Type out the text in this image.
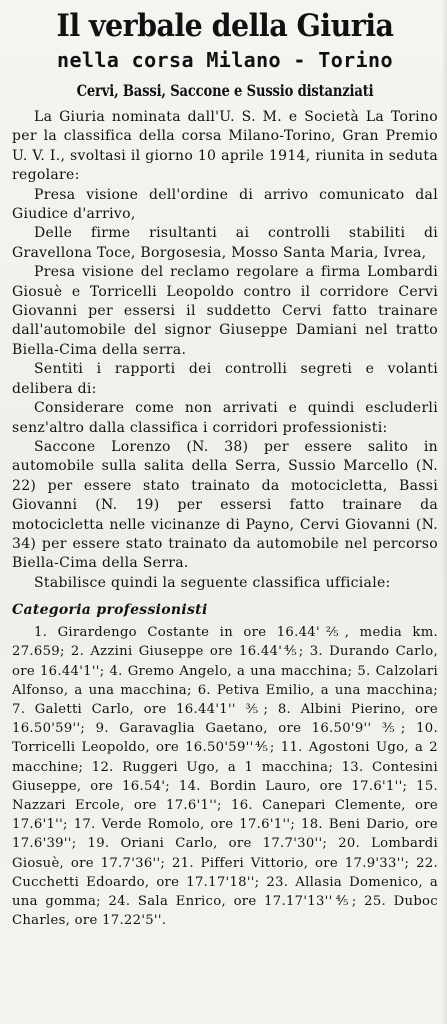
Il verbale della Giuria
nella corsa Milano - Torino
Cervi, Bassi, Saccone e Sussio distanziati

La Giuria nominata dall'U. S. M. e Società La Torino per la classifica della corsa Milano-Torino, Gran Premio U. V. I., svoltasi il giorno 10 aprile 1914, riunita in seduta regolare:

Presa visione dell'ordine di arrivo comunicato dal Giudice d'arrivo,

Delle firme risultanti ai controlli stabiliti di Gravellona Toce, Borgosesia, Mosso Santa Maria, Ivrea,

Presa visione del reclamo regolare a firma Lombardi Giosuè e Torricelli Leopoldo contro il corridore Cervi Giovanni per essersi il suddetto Cervi fatto trainare dall'automobile del signor Giuseppe Damiani nel tratto Biella-Cima della serra.

Sentiti i rapporti dei controlli segreti e volanti delibera di:

Considerare come non arrivati e quindi escluderli senz'altro dalla classifica i corridori professionisti:

Saccone Lorenzo (N. 38) per essere salito in automobile sulla salita della Serra, Sussio Marcello (N. 22) per essere stato trainato da motocicletta, Bassi Giovanni (N. 19) per essersi fatto trainare da motocicletta nelle vicinanze di Payno, Cervi Giovanni (N. 34) per essere stato trainato da automobile nel percorso Biella-Cima della Serra.

Stabilisce quindi la seguente classifica ufficiale:

Categoria professionisti

1. Girardengo Costante in ore 16.44'⅖, media km. 27.659; 2. Azzini Giuseppe ore 16.44'⅘; 3. Durando Carlo, ore 16.44'1''; 4. Gremo Angelo, a una macchina; 5. Calzolari Alfonso, a una macchina; 6. Petiva Emilio, a una macchina; 7. Galetti Carlo, ore 16.44'1'' ⅗; 8. Albini Pierino, ore 16.50'59''; 9. Garavaglia Gaetano, ore 16.50'9'' ⅗; 10. Torricelli Leopoldo, ore 16.50'59''⅘; 11. Agostoni Ugo, a 2 macchine; 12. Ruggeri Ugo, a 1 macchina; 13. Contesini Giuseppe, ore 16.54'; 14. Bordin Lauro, ore 17.6'1''; 15. Nazzari Ercole, ore 17.6'1''; 16. Canepari Clemente, ore 17.6'1''; 17. Verde Romolo, ore 17.6'1''; 18. Beni Dario, ore 17.6'39''; 19. Oriani Carlo, ore 17.7'30''; 20. Lombardi Giosuè, ore 17.7'36''; 21. Pifferi Vittorio, ore 17.9'33''; 22. Cucchetti Edoardo, ore 17.17'18''; 23. Allasia Domenico, a una gomma; 24. Sala Enrico, ore 17.17'13''⅘; 25. Duboc Charles, ore 17.22'5''.
